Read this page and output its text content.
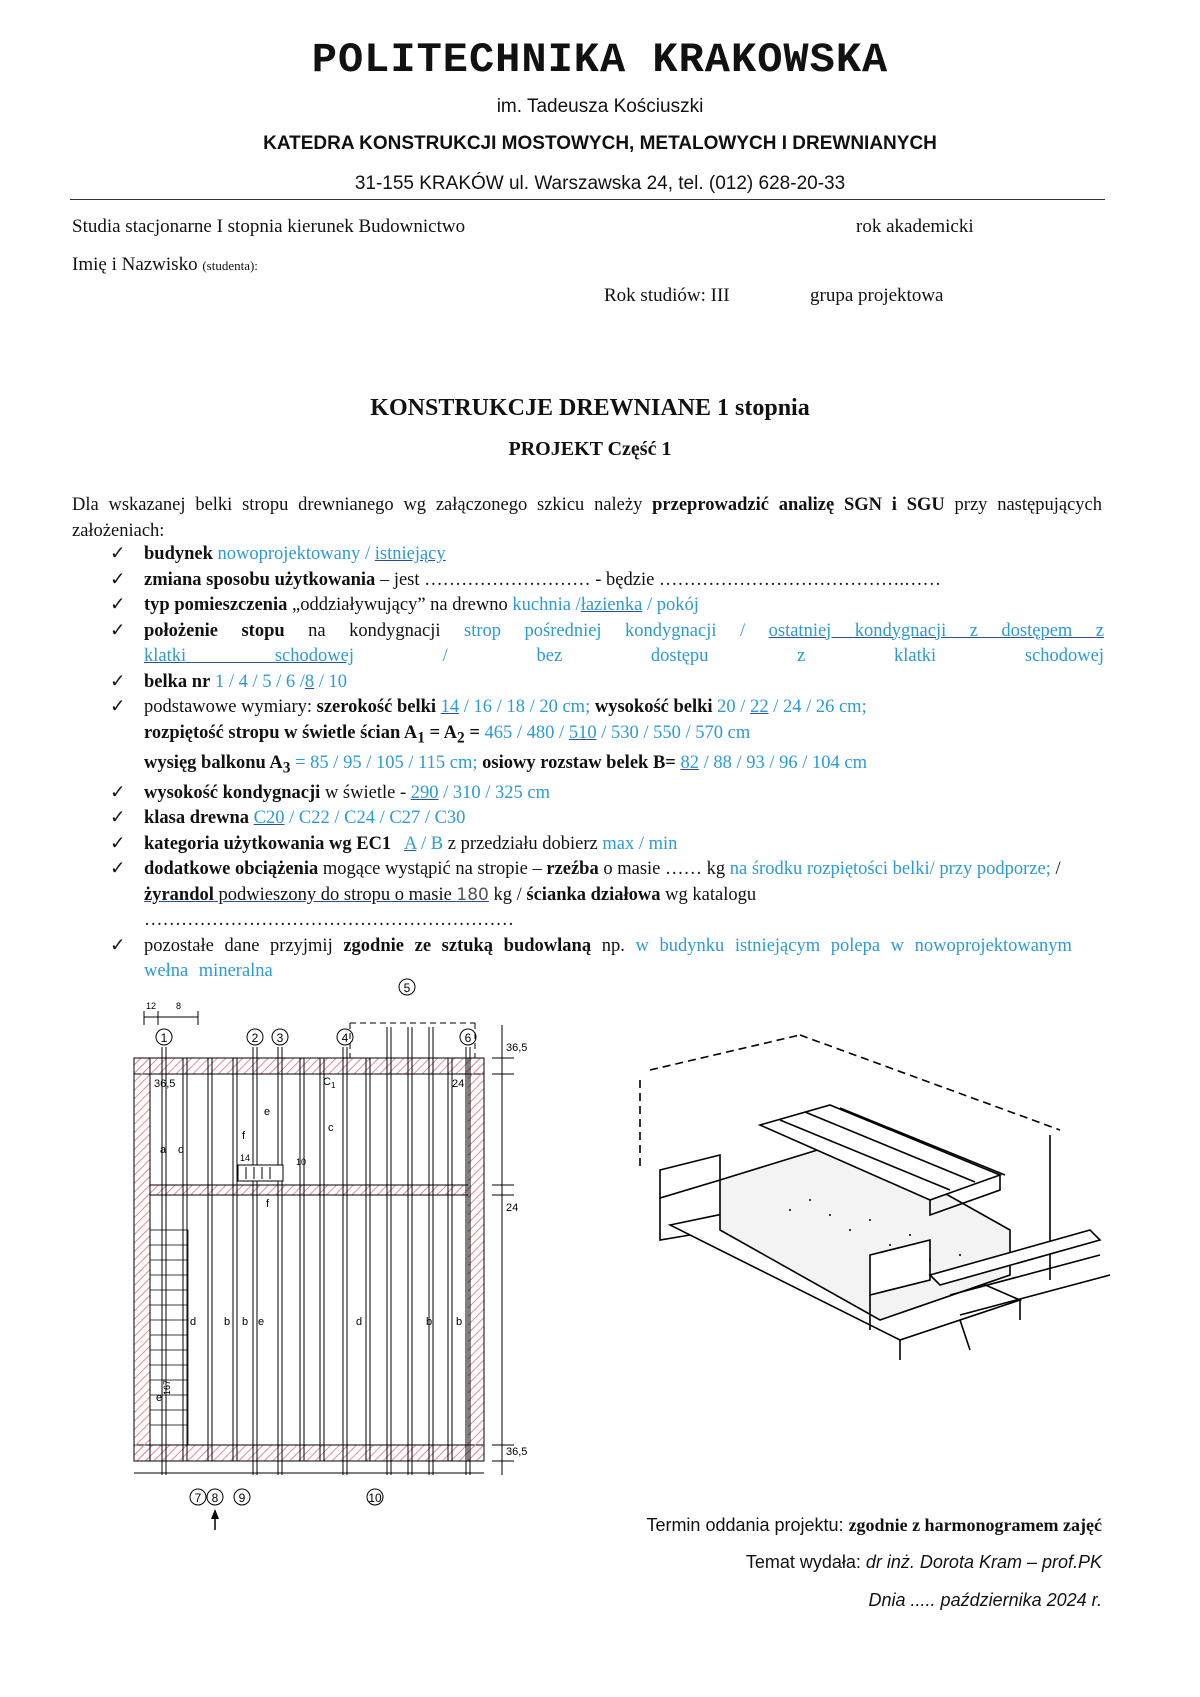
POLITECHNIKA KRAKOWSKA
im. Tadeusza Kościuszki
KATEDRA KONSTRUKCJI MOSTOWYCH, METALOWYCH I DREWNIANYCH
31-155 KRAKÓW ul. Warszawska 24, tel. (012) 628-20-33
Studia stacjonarne I stopnia kierunek Budownictwo	rok akademicki
Imię i Nazwisko (studenta):
Rok studiów: III	grupa projektowa
KONSTRUKCJE DREWNIANE 1 stopnia
PROJEKT Część 1
Dla wskazanej belki stropu drewnianego wg załączonego szkicu należy przeprowadzić analizę SGN i SGU przy następujących założeniach:
✓ budynek nowoprojektowany / istniejący
✓ zmiana sposobu użytkowania – jest ……………………… - będzie ………………………………….……
✓ typ pomieszczenia „oddziaływujący” na drewno kuchnia /łazienka / pokój
✓ położenie stopu na kondygnacji strop pośredniej kondygnacji / ostatniej kondygnacji z dostępem z klatki schodowej / bez dostępu z klatki schodowej
✓ belka nr 1 / 4 / 5 / 6 /8 / 10
✓ podstawowe wymiary: szerokość belki 14 / 16 / 18 / 20 cm; wysokość belki 20 / 22 / 24 / 26 cm;
rozpiętość stropu w świetle ścian $A_1 = A_2 = 465 / 480 / 510 / 530 / 550 / 570$ cm
wysięg balkonu $A_3 = 85 / 95 / 105 / 115$ cm; osiowy rozstaw belek B= 82 / 88 / 93 / 96 / 104 cm
✓ wysokość kondygnacji w świetle - 290 / 310 / 325 cm
✓ klasa drewna C20 / C22 / C24 / C27 / C30
✓ kategoria użytkowania wg EC1 A / B z przedziału dobierz max / min
✓ dodatkowe obciążenia mogące wystąpić na stropie – rzeźba o masie …… kg na środku rozpiętości belki/ przy podporze; / żyrandol podwieszony do stropu o masie 180 kg / ścianka działowa wg katalogu
……………………………………………………
✓ pozostałe dane przyjmij zgodnie ze sztuką budowlaną np. w budynku istniejącym polepa w nowoprojektowanym wełna mineralna
12 8
1	2 3	4
5
6
7 8 9	10
36,5	24
36,5
36,5
24
a d
d	b b e	d	b b
c
e
f
f
e
$C_1$
10
14
167
Termin oddania projektu: zgodnie z harmonogramem zajęć
Temat wydała: dr inż. Dorota Kram – prof.PK
Dnia ..... października 2024 r.
